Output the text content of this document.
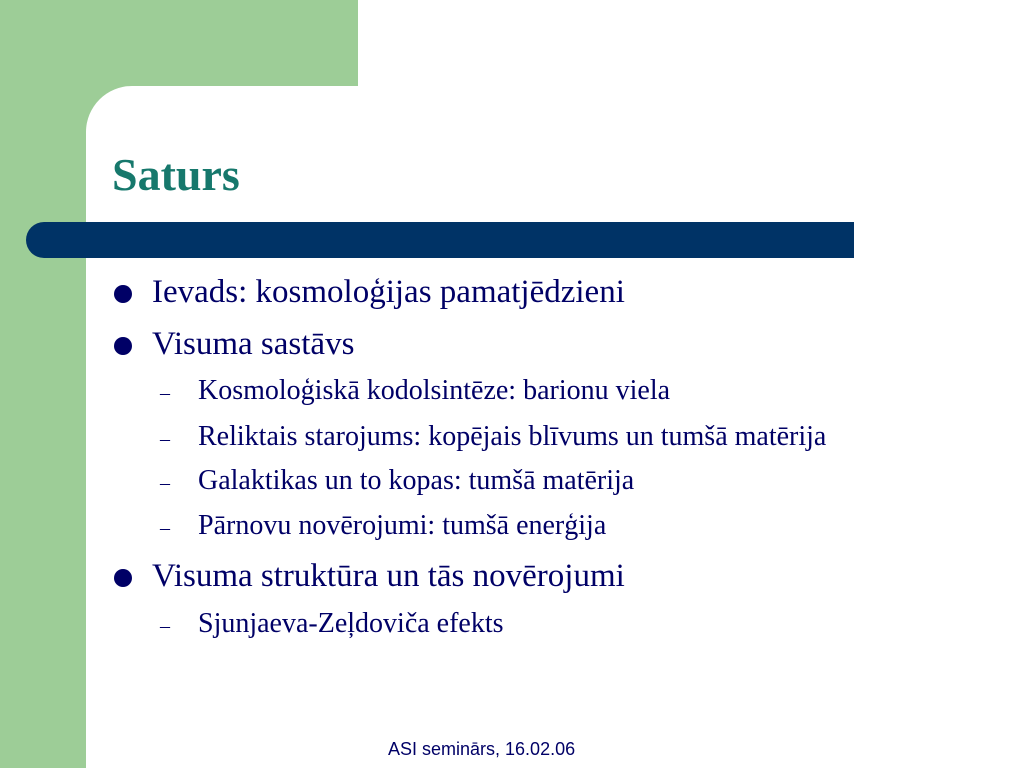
Saturs
Ievads: kosmoloģijas pamatjēdzieni
Visuma sastāvs
– Kosmoloģiskā kodolsintēze: barionu viela
– Reliktais starojums: kopējais blīvums un tumšā matērija
– Galaktikas un to kopas: tumšā matērija
– Pārnovu novērojumi: tumšā enerģija
Visuma struktūra un tās novērojumi
– Sjunjaeva-Zeļdoviča efekts
ASI seminārs, 16.02.06
